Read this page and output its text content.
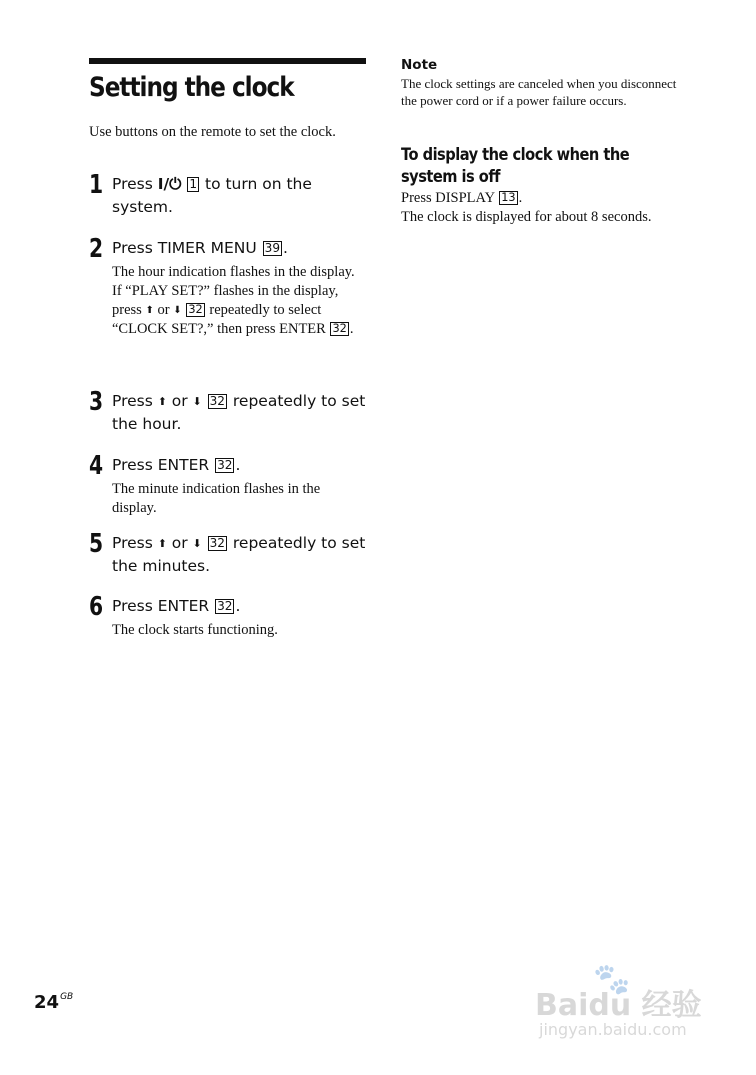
Setting the clock
Use buttons on the remote to set the clock.
1 Press I/⏻ 1 to turn on the system.
2 Press TIMER MENU 39 .
The hour indication flashes in the display.
If “PLAY SET?” flashes in the display, press ⬆ or ⬇ 32 repeatedly to select “CLOCK SET?,” then press ENTER 32 .
3 Press ⬆ or ⬇ 32 repeatedly to set the hour.
4 Press ENTER 32 .
The minute indication flashes in the display.
5 Press ⬆ or ⬇ 32 repeatedly to set the minutes.
6 Press ENTER 32 .
The clock starts functioning.
Note
The clock settings are canceled when you disconnect the power cord or if a power failure occurs.
To display the clock when the system is off
Press DISPLAY 13 .
The clock is displayed for about 8 seconds.
$24^{GB}$
🐾
Baidu 经验
jingyan.baidu.com
